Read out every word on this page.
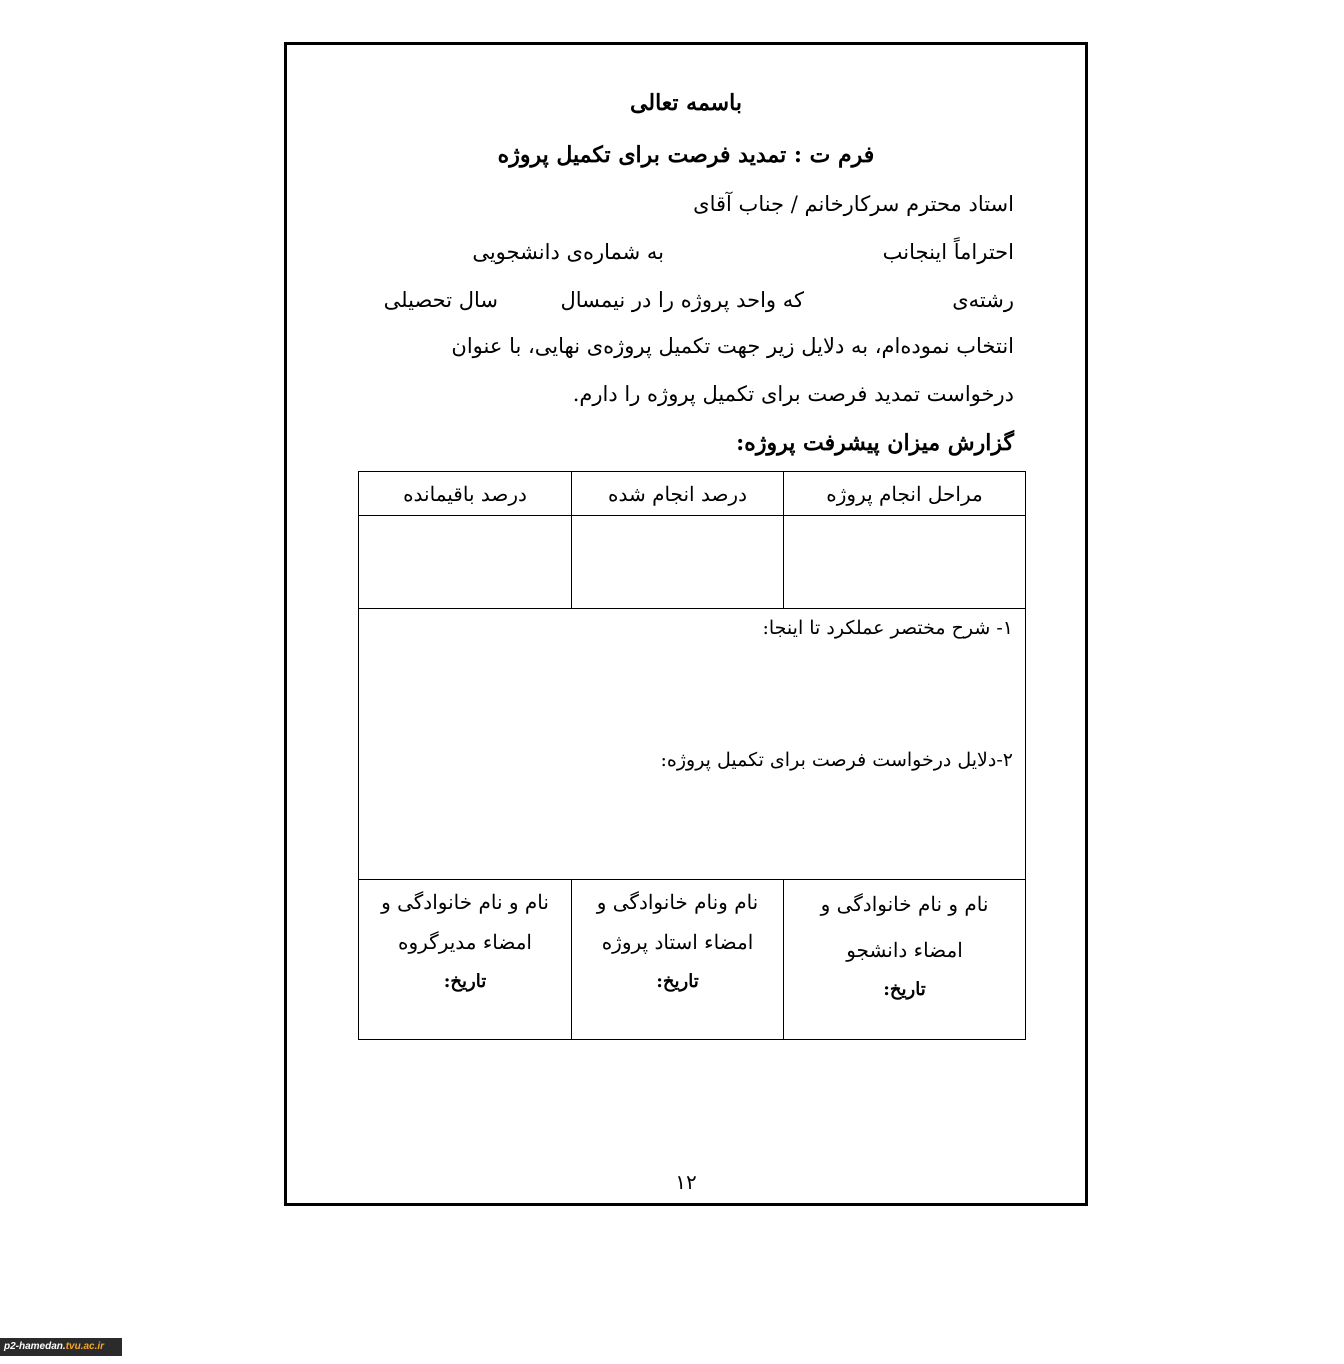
باسمه تعالی
فرم ت : تمدید فرصت برای تکمیل پروژه
استاد محترم سرکارخانم / جناب آقای
احتراماً اینجانب
به شماره‌ی دانشجویی
رشته‌ی
که واحد پروژه را در نیمسال
سال تحصیلی
انتخاب نموده‌ام، به دلایل زیر جهت تکمیل پروژه‌ی نهایی، با عنوان
درخواست تمدید فرصت برای تکمیل پروژه را دارم.
گزارش میزان پیشرفت پروژه:
مراحل انجام پروژه
درصد انجام شده
درصد باقیمانده
۱- شرح مختصر عملکرد تا اینجا:
۲-دلایل درخواست فرصت برای تکمیل پروژه:
نام و نام خانوادگی و
امضاء دانشجو
تاریخ:
نام ونام خانوادگی و
امضاء استاد پروژه
تاریخ:
نام و نام خانوادگی و
امضاء مدیرگروه
تاریخ:
۱۲
p2-hamedan.tvu.ac.ir
